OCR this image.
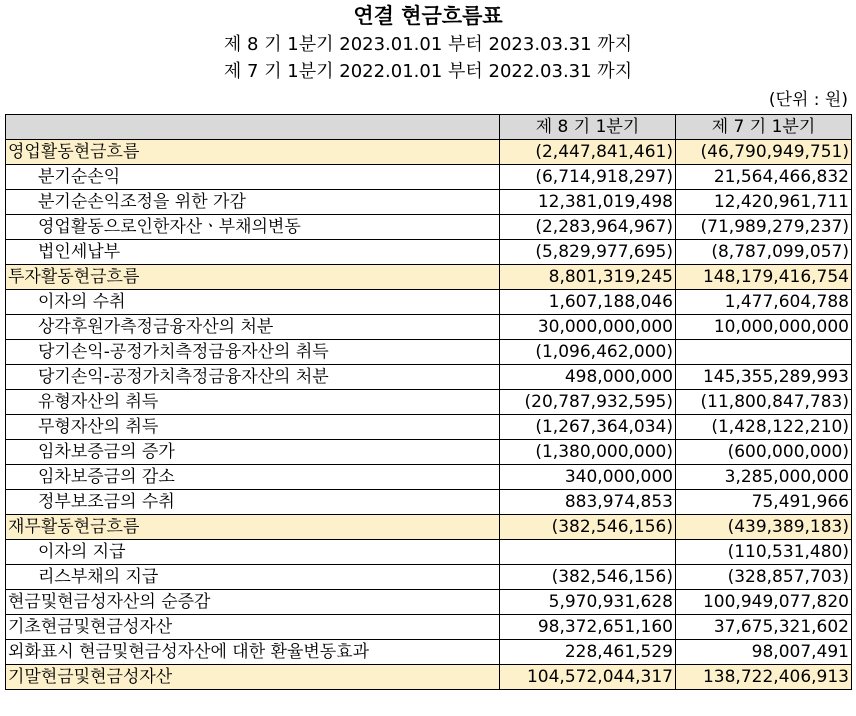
연결 현금흐름표
제 8 기 1분기 2023.01.01 부터 2023.03.31 까지
제 7 기 1분기 2022.01.01 부터 2022.03.31 까지
(단위 : 원)
	제 8 기 1분기	제 7 기 1분기
영업활동현금흐름	(2,447,841,461)	(46,790,949,751)
분기순손익	(6,714,918,297)	21,564,466,832
분기순손익조정을 위한 가감	12,381,019,498	12,420,961,711
영업활동으로인한자산ㆍ부채의변동	(2,283,964,967)	(71,989,279,237)
법인세납부	(5,829,977,695)	(8,787,099,057)
투자활동현금흐름	8,801,319,245	148,179,416,754
이자의 수취	1,607,188,046	1,477,604,788
상각후원가측정금융자산의 처분	30,000,000,000	10,000,000,000
당기손익-공정가치측정금융자산의 취득	(1,096,462,000)	
당기손익-공정가치측정금융자산의 처분	498,000,000	145,355,289,993
유형자산의 취득	(20,787,932,595)	(11,800,847,783)
무형자산의 취득	(1,267,364,034)	(1,428,122,210)
임차보증금의 증가	(1,380,000,000)	(600,000,000)
임차보증금의 감소	340,000,000	3,285,000,000
정부보조금의 수취	883,974,853	75,491,966
재무활동현금흐름	(382,546,156)	(439,389,183)
이자의 지급		(110,531,480)
리스부채의 지급	(382,546,156)	(328,857,703)
현금및현금성자산의 순증감	5,970,931,628	100,949,077,820
기초현금및현금성자산	98,372,651,160	37,675,321,602
외화표시 현금및현금성자산에 대한 환율변동효과	228,461,529	98,007,491
기말현금및현금성자산	104,572,044,317	138,722,406,913
